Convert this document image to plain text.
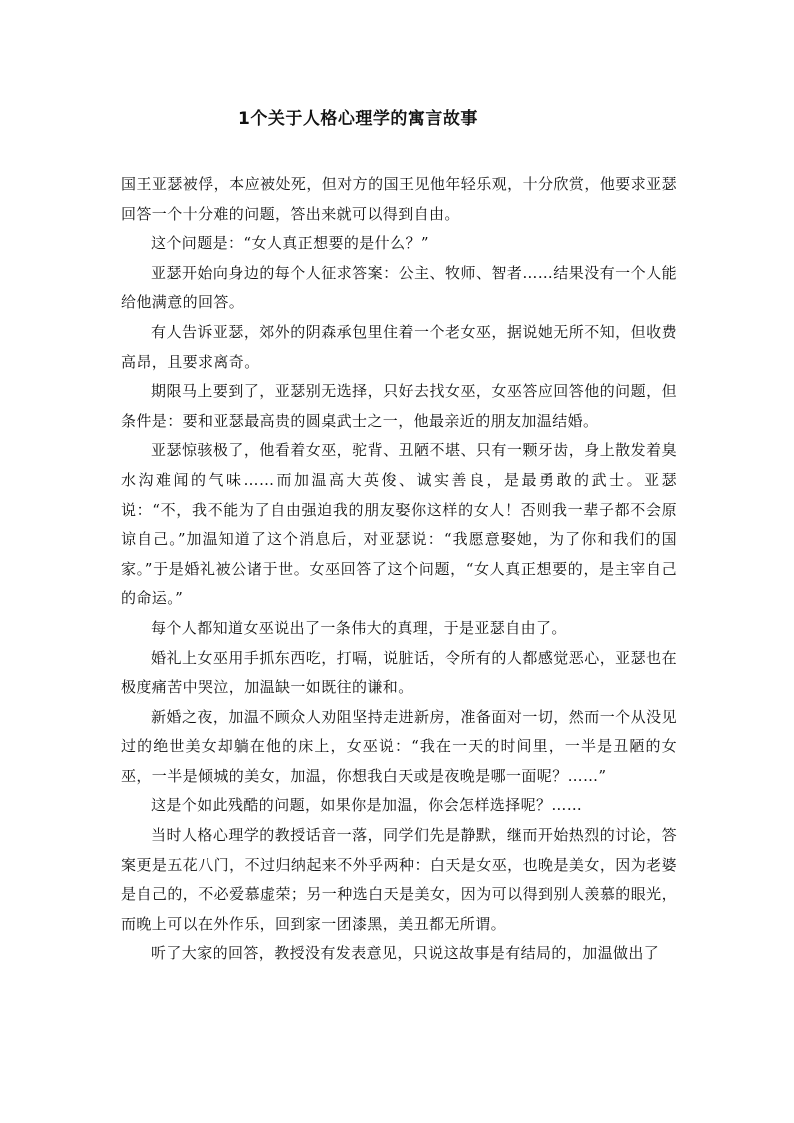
1个关于人格心理学的寓言故事

国王亚瑟被俘，本应被处死，但对方的国王见他年轻乐观，十分欣赏，他要求亚瑟回答一个十分难的问题，答出来就可以得到自由。

这个问题是：“女人真正想要的是什么？”

亚瑟开始向身边的每个人征求答案：公主、牧师、智者……结果没有一个人能给他满意的回答。

有人告诉亚瑟，郊外的阴森承包里住着一个老女巫，据说她无所不知，但收费高昂，且要求离奇。

期限马上要到了，亚瑟别无选择，只好去找女巫，女巫答应回答他的问题，但条件是：要和亚瑟最高贵的圆桌武士之一，他最亲近的朋友加温结婚。

亚瑟惊骇极了，他看着女巫，驼背、丑陋不堪、只有一颗牙齿，身上散发着臭水沟难闻的气味……而加温高大英俊、诚实善良，是最勇敢的武士。亚瑟说：“不，我不能为了自由强迫我的朋友娶你这样的女人！否则我一辈子都不会原谅自己。”加温知道了这个消息后，对亚瑟说：“我愿意娶她，为了你和我们的国家。”于是婚礼被公诸于世。女巫回答了这个问题，“女人真正想要的，是主宰自己的命运。”

每个人都知道女巫说出了一条伟大的真理，于是亚瑟自由了。

婚礼上女巫用手抓东西吃，打嗝，说脏话，令所有的人都感觉恶心，亚瑟也在极度痛苦中哭泣，加温缺一如既往的谦和。

新婚之夜，加温不顾众人劝阻坚持走进新房，准备面对一切，然而一个从没见过的绝世美女却躺在他的床上，女巫说：“我在一天的时间里，一半是丑陋的女巫，一半是倾城的美女，加温，你想我白天或是夜晚是哪一面呢？……”

这是个如此残酷的问题，如果你是加温，你会怎样选择呢？……

当时人格心理学的教授话音一落，同学们先是静默，继而开始热烈的讨论，答案更是五花八门，不过归纳起来不外乎两种：白天是女巫，也晚是美女，因为老婆是自己的，不必爱慕虚荣；另一种选白天是美女，因为可以得到别人羡慕的眼光，而晚上可以在外作乐，回到家一团漆黑，美丑都无所谓。

听了大家的回答，教授没有发表意见，只说这故事是有结局的，加温做出了
